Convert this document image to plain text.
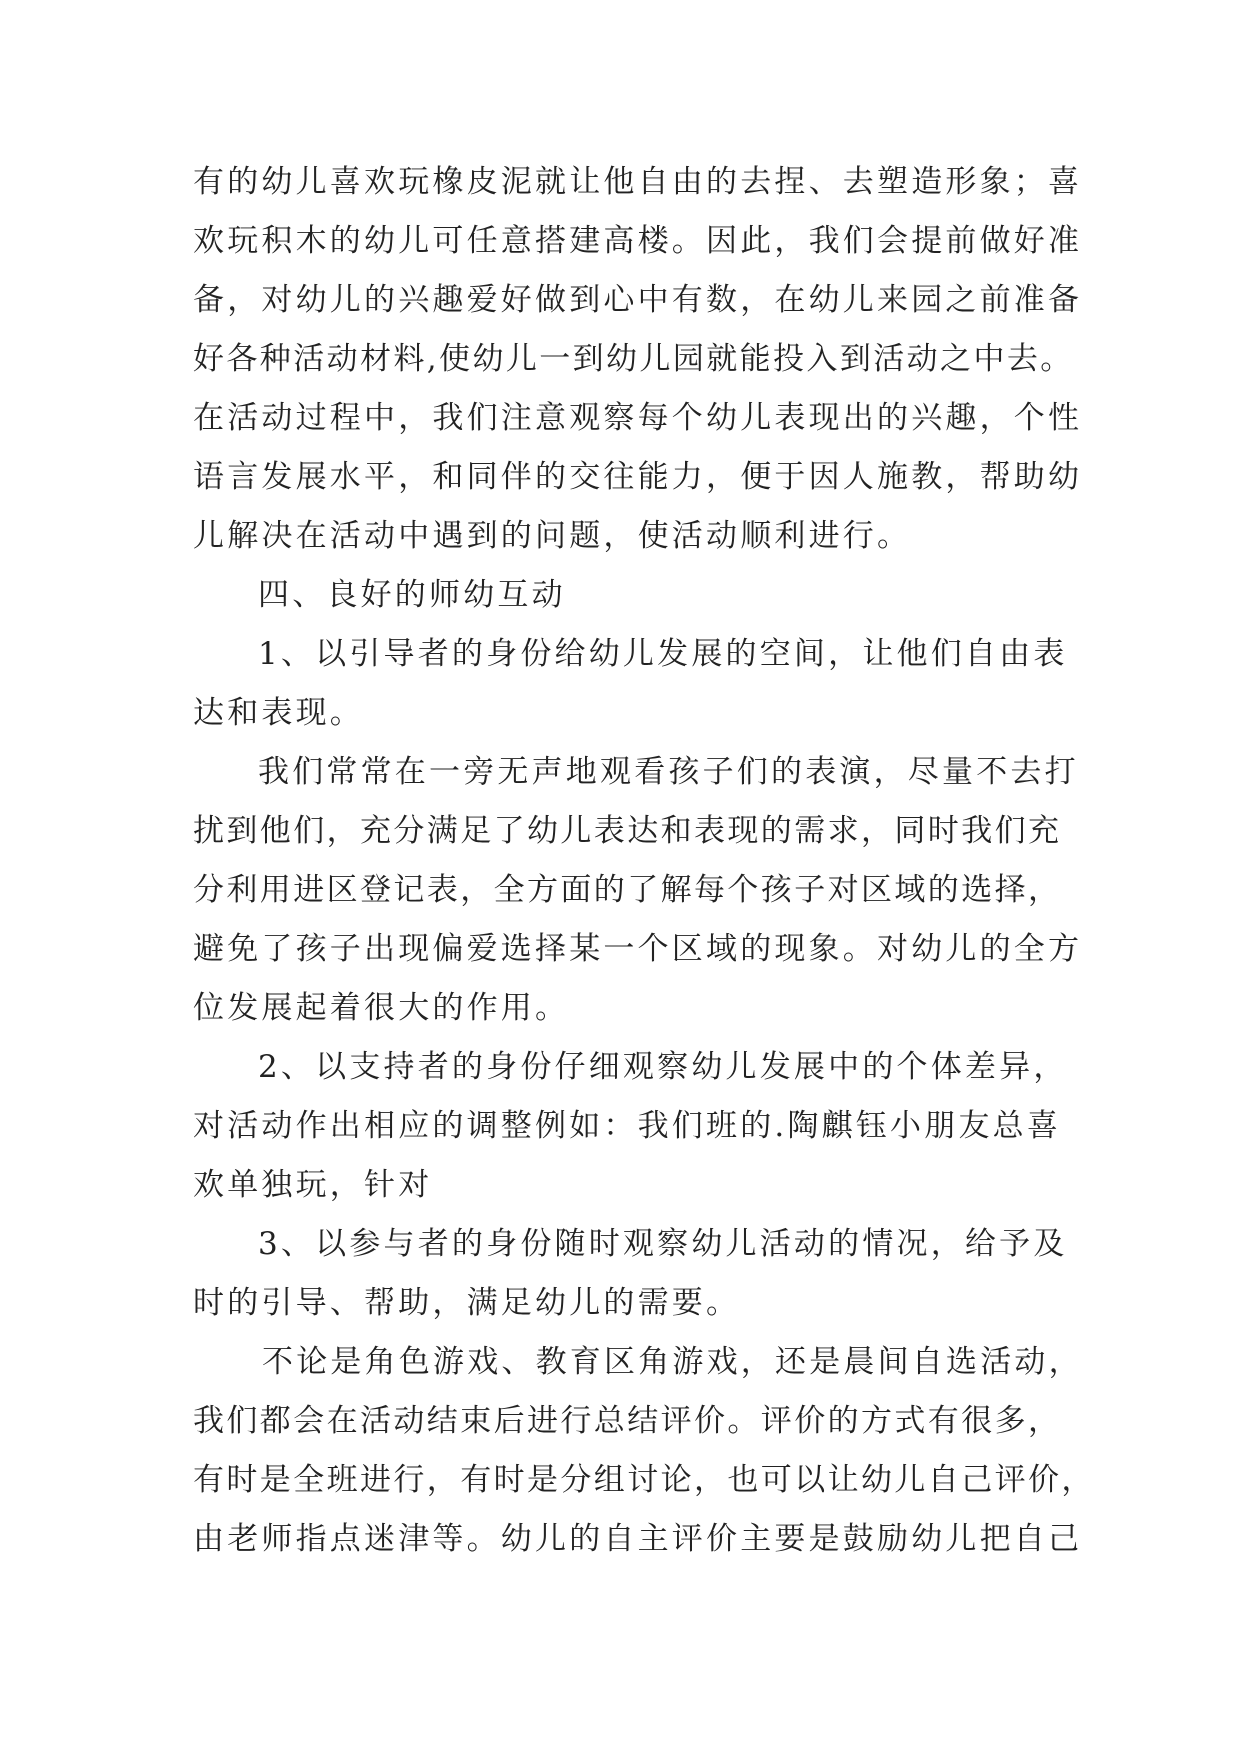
有的幼儿喜欢玩橡皮泥就让他自由的去捏、去塑造形象；喜
欢玩积木的幼儿可任意搭建高楼。因此，我们会提前做好准
备，对幼儿的兴趣爱好做到心中有数，在幼儿来园之前准备
好各种活动材料,使幼儿一到幼儿园就能投入到活动之中去。
在活动过程中，我们注意观察每个幼儿表现出的兴趣，个性
语言发展水平，和同伴的交往能力，便于因人施教，帮助幼
儿解决在活动中遇到的问题，使活动顺利进行。
四、良好的师幼互动
1、以引导者的身份给幼儿发展的空间，让他们自由表
达和表现。
我们常常在一旁无声地观看孩子们的表演，尽量不去打
扰到他们，充分满足了幼儿表达和表现的需求，同时我们充
分利用进区登记表，全方面的了解每个孩子对区域的选择，
避免了孩子出现偏爱选择某一个区域的现象。对幼儿的全方
位发展起着很大的作用。
2、以支持者的身份仔细观察幼儿发展中的个体差异，
对活动作出相应的调整例如：我们班的.陶麒钰小朋友总喜
欢单独玩，针对
3、以参与者的身份随时观察幼儿活动的情况，给予及
时的引导、帮助，满足幼儿的需要。
不论是角色游戏、教育区角游戏，还是晨间自选活动，
我们都会在活动结束后进行总结评价。评价的方式有很多，
有时是全班进行，有时是分组讨论，也可以让幼儿自己评价，
由老师指点迷津等。幼儿的自主评价主要是鼓励幼儿把自己
